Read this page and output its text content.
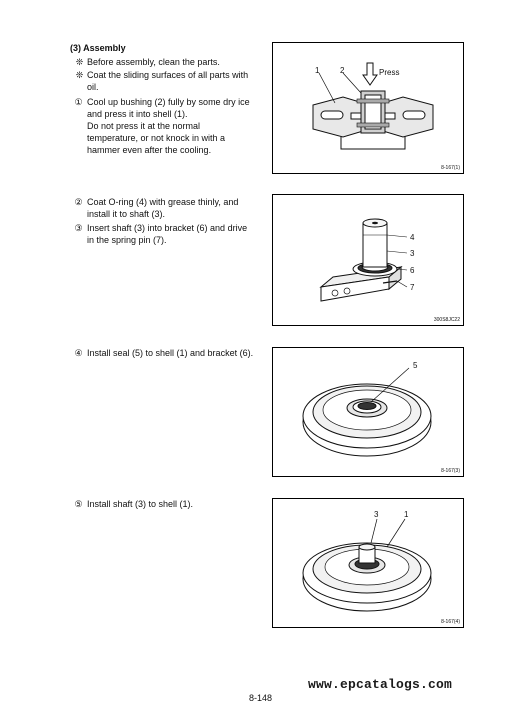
(3) Assembly
❊ Before assembly, clean the parts.
❊ Coat the sliding surfaces of all parts with oil.
① Cool up bushing (2) fully by some dry ice and press it into shell (1).
Do not press it at the normal temperature, or not knock in with a hammer even after the cooling.
② Coat O-ring (4) with grease thinly, and install it to shaft (3).
③ Insert shaft (3) into bracket (6) and drive in the spring pin (7).
④ Install seal (5) to shell (1) and bracket (6).
⑤ Install shaft (3) to shell (1).
1	2	Press
8-167(1)
4
3
6
7
300S8JC22
5
8-167(3)
3	1
8-167(4)
www.epcatalogs.com
8-148
